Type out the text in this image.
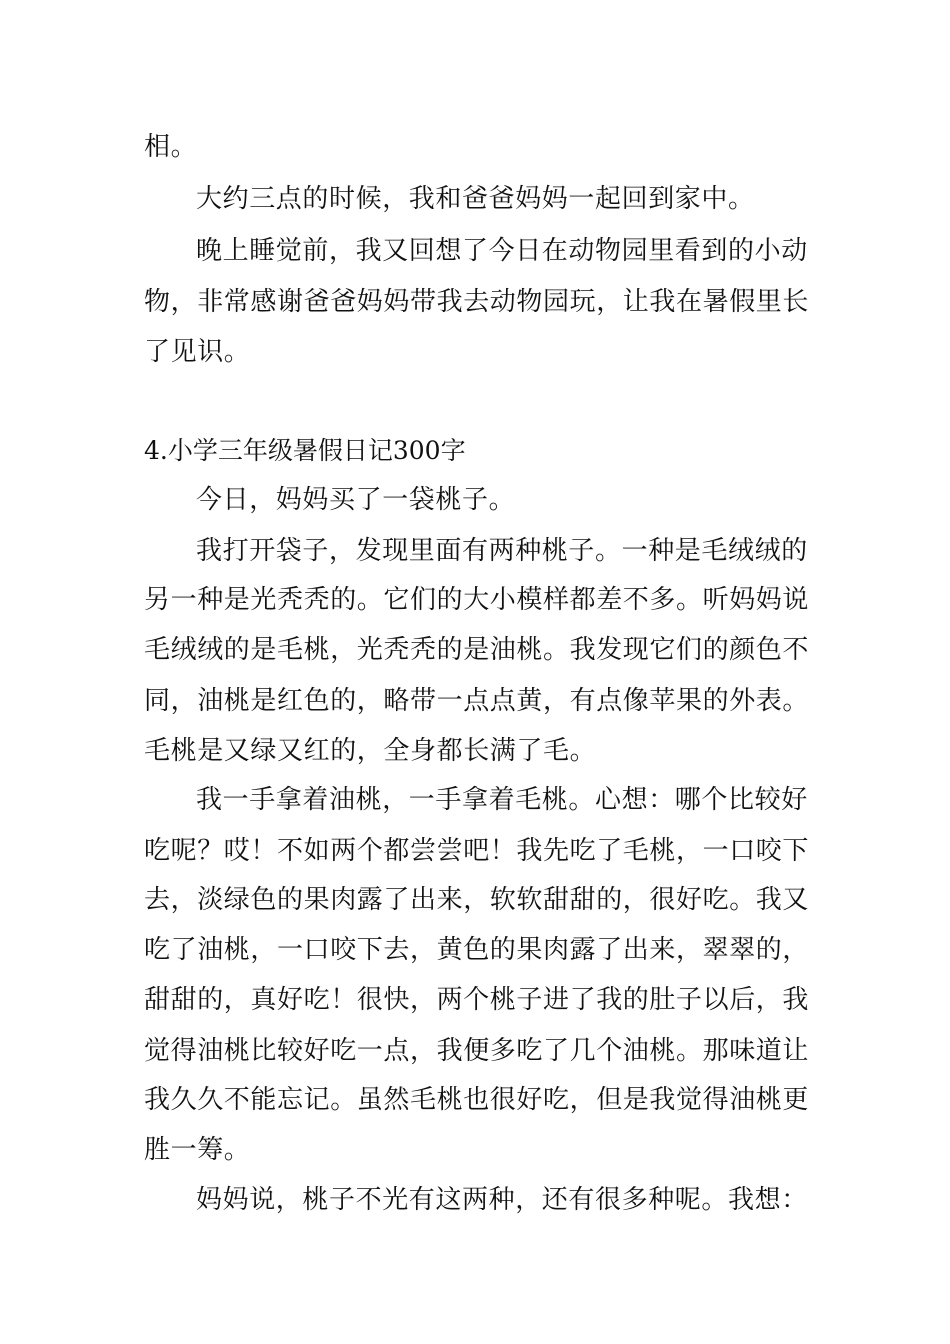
相。
大约三点的时候，我和爸爸妈妈一起回到家中。
晚上睡觉前，我又回想了今日在动物园里看到的小动
物，非常感谢爸爸妈妈带我去动物园玩，让我在暑假里长
了见识。
4.小学三年级暑假日记300字
今日，妈妈买了一袋桃子。
我打开袋子，发现里面有两种桃子。一种是毛绒绒的
另一种是光秃秃的。它们的大小模样都差不多。听妈妈说
毛绒绒的是毛桃，光秃秃的是油桃。我发现它们的颜色不
同，油桃是红色的，略带一点点黄，有点像苹果的外表。
毛桃是又绿又红的，全身都长满了毛。
我一手拿着油桃，一手拿着毛桃。心想：哪个比较好
吃呢？哎！不如两个都尝尝吧！我先吃了毛桃，一口咬下
去，淡绿色的果肉露了出来，软软甜甜的，很好吃。我又
吃了油桃，一口咬下去，黄色的果肉露了出来，翠翠的，
甜甜的，真好吃！很快，两个桃子进了我的肚子以后，我
觉得油桃比较好吃一点，我便多吃了几个油桃。那味道让
我久久不能忘记。虽然毛桃也很好吃，但是我觉得油桃更
胜一筹。
妈妈说，桃子不光有这两种，还有很多种呢。我想：
